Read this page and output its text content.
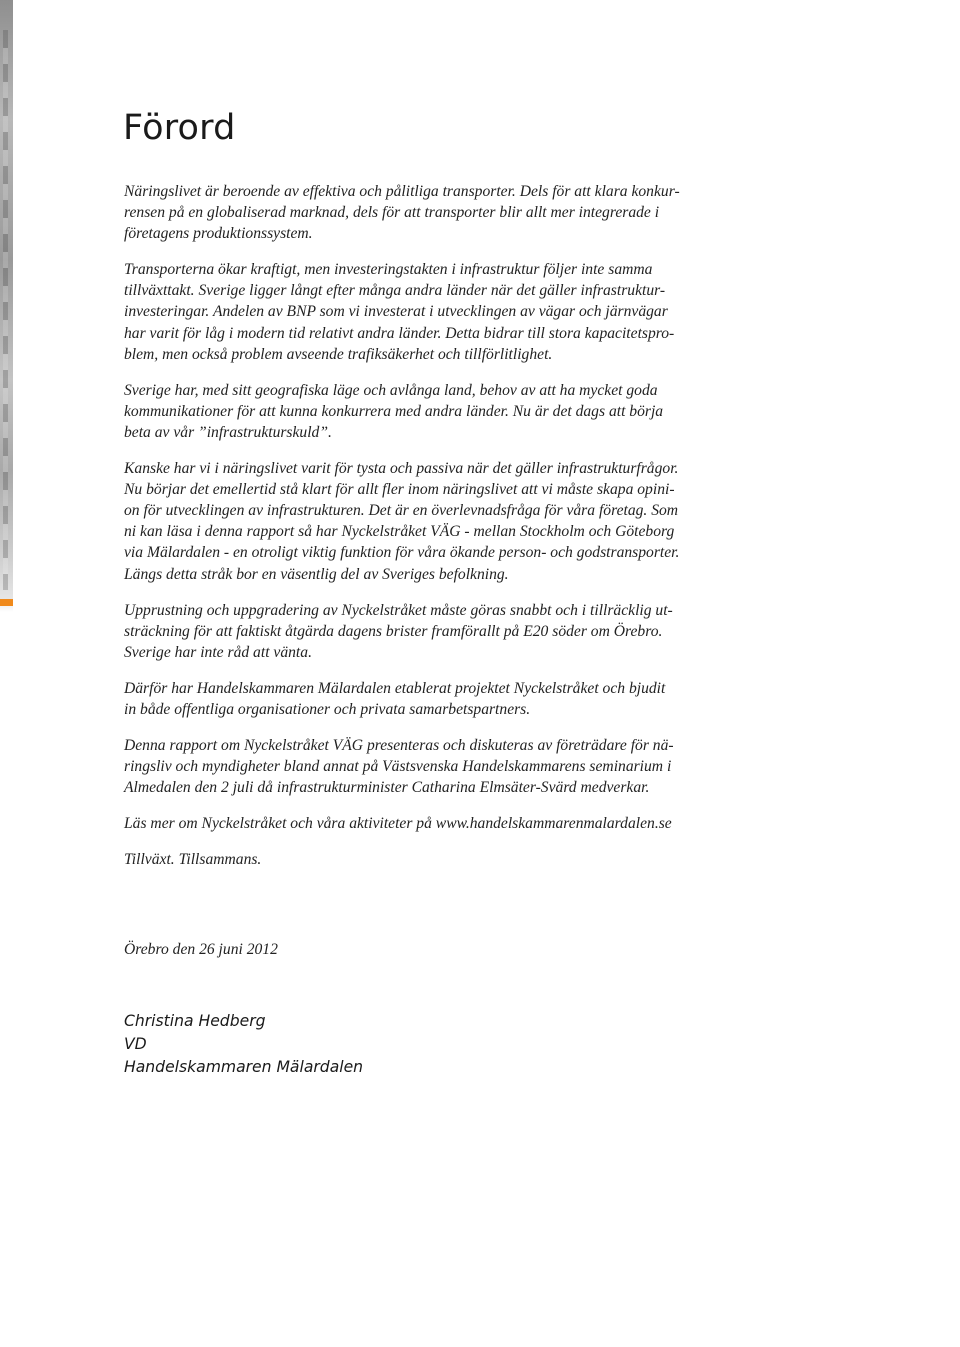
Förord

Näringslivet är beroende av effektiva och pålitliga transporter. Dels för att klara konkur-
rensen på en globaliserad marknad, dels för att transporter blir allt mer integrerade i
företagens produktionssystem.

Transporterna ökar kraftigt, men investeringstakten i infrastruktur följer inte samma
tillväxttakt. Sverige ligger långt efter många andra länder när det gäller infrastruktur-
investeringar. Andelen av BNP som vi investerat i utvecklingen av vägar och järnvägar
har varit för låg i modern tid relativt andra länder. Detta bidrar till stora kapacitetspro-
blem, men också problem avseende trafiksäkerhet och tillförlitlighet.

Sverige har, med sitt geografiska läge och avlånga land, behov av att ha mycket goda
kommunikationer för att kunna konkurrera med andra länder. Nu är det dags att börja
beta av vår ”infrastrukturskuld”.

Kanske har vi i näringslivet varit för tysta och passiva när det gäller infrastrukturfrågor.
Nu börjar det emellertid stå klart för allt fler inom näringslivet att vi måste skapa opini-
on för utvecklingen av infrastrukturen. Det är en överlevnadsfråga för våra företag. Som
ni kan läsa i denna rapport så har Nyckelstråket VÄG - mellan Stockholm och Göteborg
via Mälardalen - en otroligt viktig funktion för våra ökande person- och godstransporter.
Längs detta stråk bor en väsentlig del av Sveriges befolkning.

Upprustning och uppgradering av Nyckelstråket måste göras snabbt och i tillräcklig ut-
sträckning för att faktiskt åtgärda dagens brister framförallt på E20 söder om Örebro.
Sverige har inte råd att vänta.

Därför har Handelskammaren Mälardalen etablerat projektet Nyckelstråket och bjudit
in både offentliga organisationer och privata samarbetspartners.

Denna rapport om Nyckelstråket VÄG presenteras och diskuteras av företrädare för nä-
ringsliv och myndigheter bland annat på Västsvenska Handelskammarens seminarium i
Almedalen den 2 juli då infrastrukturminister Catharina Elmsäter-Svärd medverkar.

Läs mer om Nyckelstråket och våra aktiviteter på www.handelskammarenmalardalen.se

Tillväxt. Tillsammans.

Örebro den 26 juni 2012
Christina Hedberg
VD
Handelskammaren Mälardalen
